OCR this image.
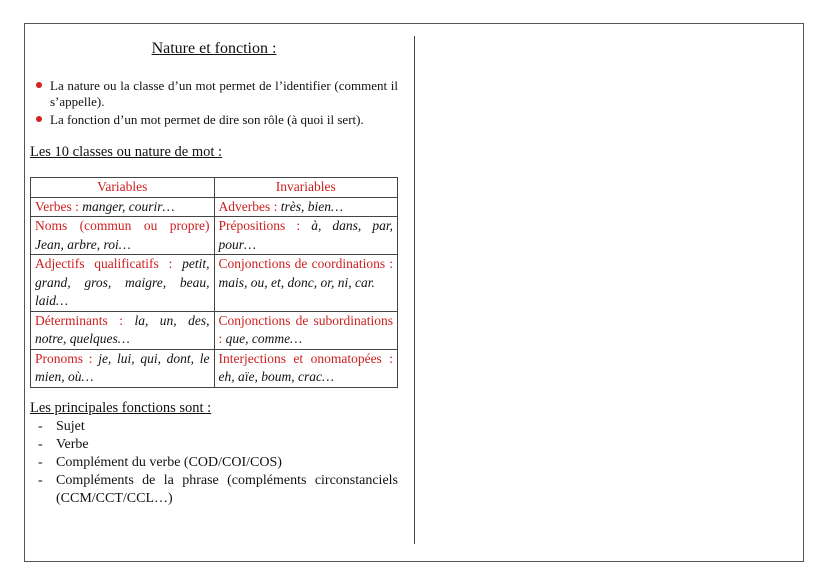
Nature et fonction :

La nature ou la classe d’un mot permet de l’identifier (comment il s’appelle).
La fonction d’un mot permet de dire son rôle (à quoi il sert).

Les 10 classes ou nature de mot :

Variables	Invariables
Verbes : manger, courir…	Adverbes : très, bien…
Noms (commun ou propre) Jean, arbre, roi…	Prépositions : à, dans, par, pour…
Adjectifs qualificatifs : petit, grand, gros, maigre, beau, laid…	Conjonctions de coordinations : mais, ou, et, donc, or, ni, car.
Déterminants : la, un, des, notre, quelques…	Conjonctions de subordinations : que, comme…
Pronoms : je, lui, qui, dont, le mien, où…	Interjections et onomatopées : eh, aïe, boum, crac…

Les principales fonctions sont :

- Sujet
- Verbe
- Complément du verbe (COD/COI/COS)
- Compléments de la phrase (compléments circonstanciels (CCM/CCT/CCL…)
